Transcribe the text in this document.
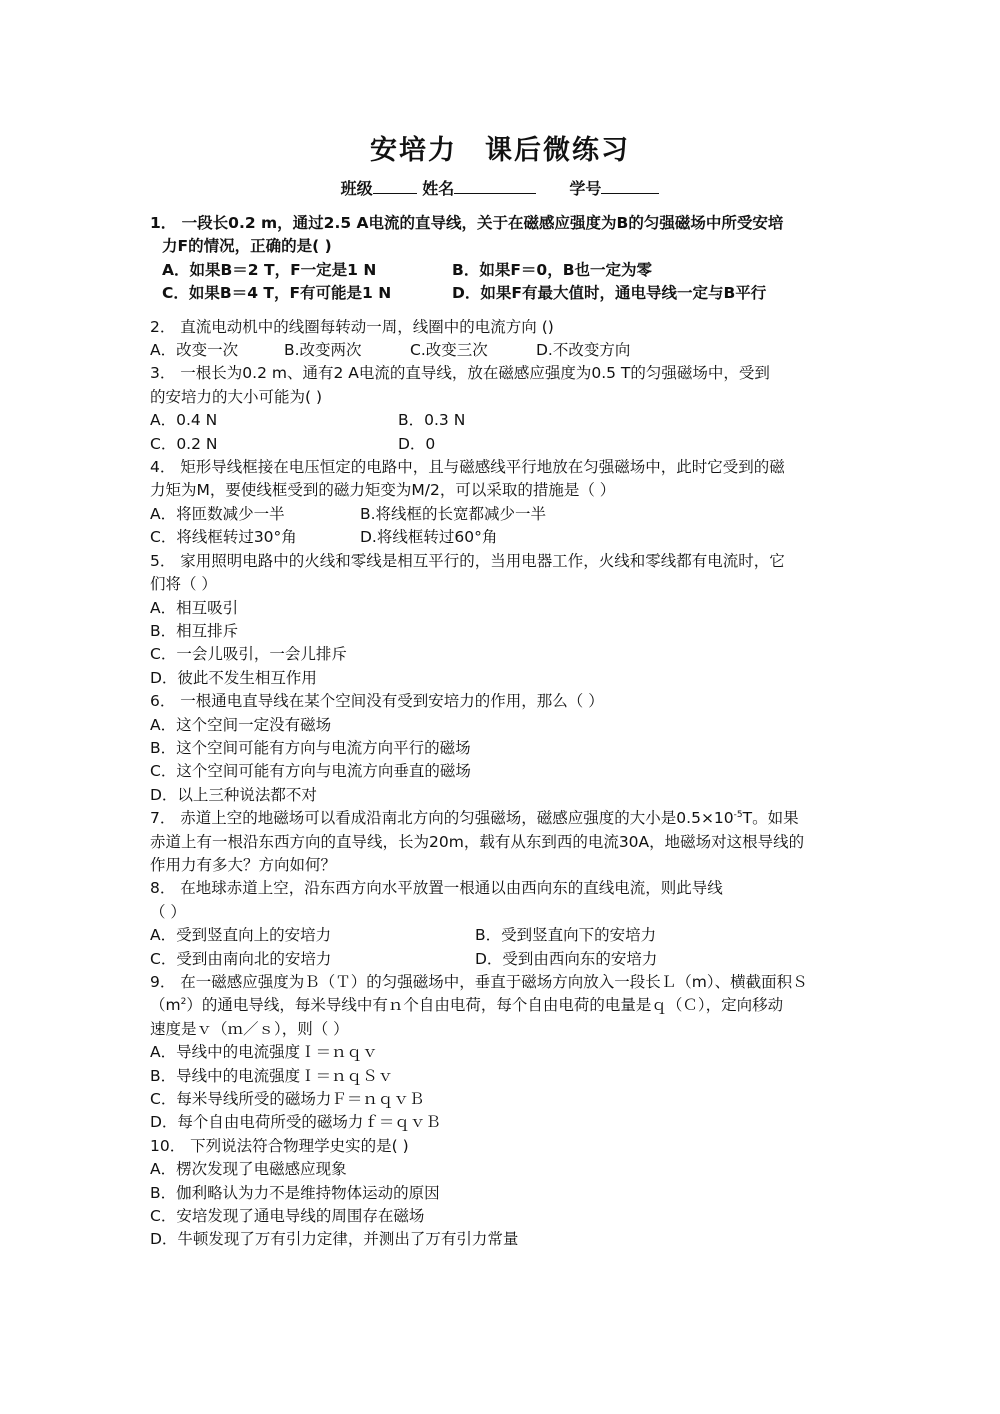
安培力 课后微练习
班级	姓名	学号
1． 一段长0.2 m，通过2.5 A电流的直导线，关于在磁感应强度为B的匀强磁场中所受安培
力F的情况，正确的是( )
A．如果B＝2 T，F一定是1 N	B．如果F＝0，B也一定为零
C．如果B＝4 T，F有可能是1 N	D．如果F有最大值时，通电导线一定与B平行
2． 直流电动机中的线圈每转动一周，线圈中的电流方向 ()
A．改变一次	B.改变两次	C.改变三次	D.不改变方向
3． 一根长为0.2 m、通有2 A电流的直导线，放在磁感应强度为0.5 T的匀强磁场中，受到
的安培力的大小可能为( )
A．0.4 N	B．0.3 N
C．0.2 N	D．0
4． 矩形导线框接在电压恒定的电路中，且与磁感线平行地放在匀强磁场中，此时它受到的磁
力矩为M，要使线框受到的磁力矩变为M/2，可以采取的措施是（ ）
A．将匝数减少一半	B.将线框的长宽都减少一半
C．将线框转过30°角	D.将线框转过60°角
5． 家用照明电路中的火线和零线是相互平行的，当用电器工作，火线和零线都有电流时，它
们将（ ）
A．相互吸引
B．相互排斥
C．一会儿吸引，一会儿排斥
D．彼此不发生相互作用
6． 一根通电直导线在某个空间没有受到安培力的作用，那么（ ）
A．这个空间一定没有磁场
B．这个空间可能有方向与电流方向平行的磁场
C．这个空间可能有方向与电流方向垂直的磁场
D．以上三种说法都不对
7． 赤道上空的地磁场可以看成沿南北方向的匀强磁场，磁感应强度的大小是$0.5\times 10^{-5}T$。如果
赤道上有一根沿东西方向的直导线，长为20m，载有从东到西的电流30A，地磁场对这根导线的
作用力有多大？方向如何？
8． 在地球赤道上空，沿东西方向水平放置一根通以由西向东的直线电流，则此导线
（ ）
A．受到竖直向上的安培力	B．受到竖直向下的安培力
C．受到由南向北的安培力	D．受到由西向东的安培力
9． 在一磁感应强度为Ｂ（Ｔ）的匀强磁场中，垂直于磁场方向放入一段长Ｌ（m）、横截面积Ｓ
$(m^2)$的通电导线，每米导线中有ｎ个自由电荷，每个自由电荷的电量是ｑ（Ｃ），定向移动
速度是ｖ（ｍ／ｓ），则（ ）
A．导线中的电流强度Ｉ＝ｎｑｖ
B．导线中的电流强度Ｉ＝ｎｑＳｖ
C．每米导线所受的磁场力Ｆ＝ｎｑｖＢ
D．每个自由电荷所受的磁场力ｆ＝ｑｖＢ
10． 下列说法符合物理学史实的是( )
A．楞次发现了电磁感应现象
B．伽利略认为力不是维持物体运动的原因
C．安培发现了通电导线的周围存在磁场
D．牛顿发现了万有引力定律，并测出了万有引力常量
